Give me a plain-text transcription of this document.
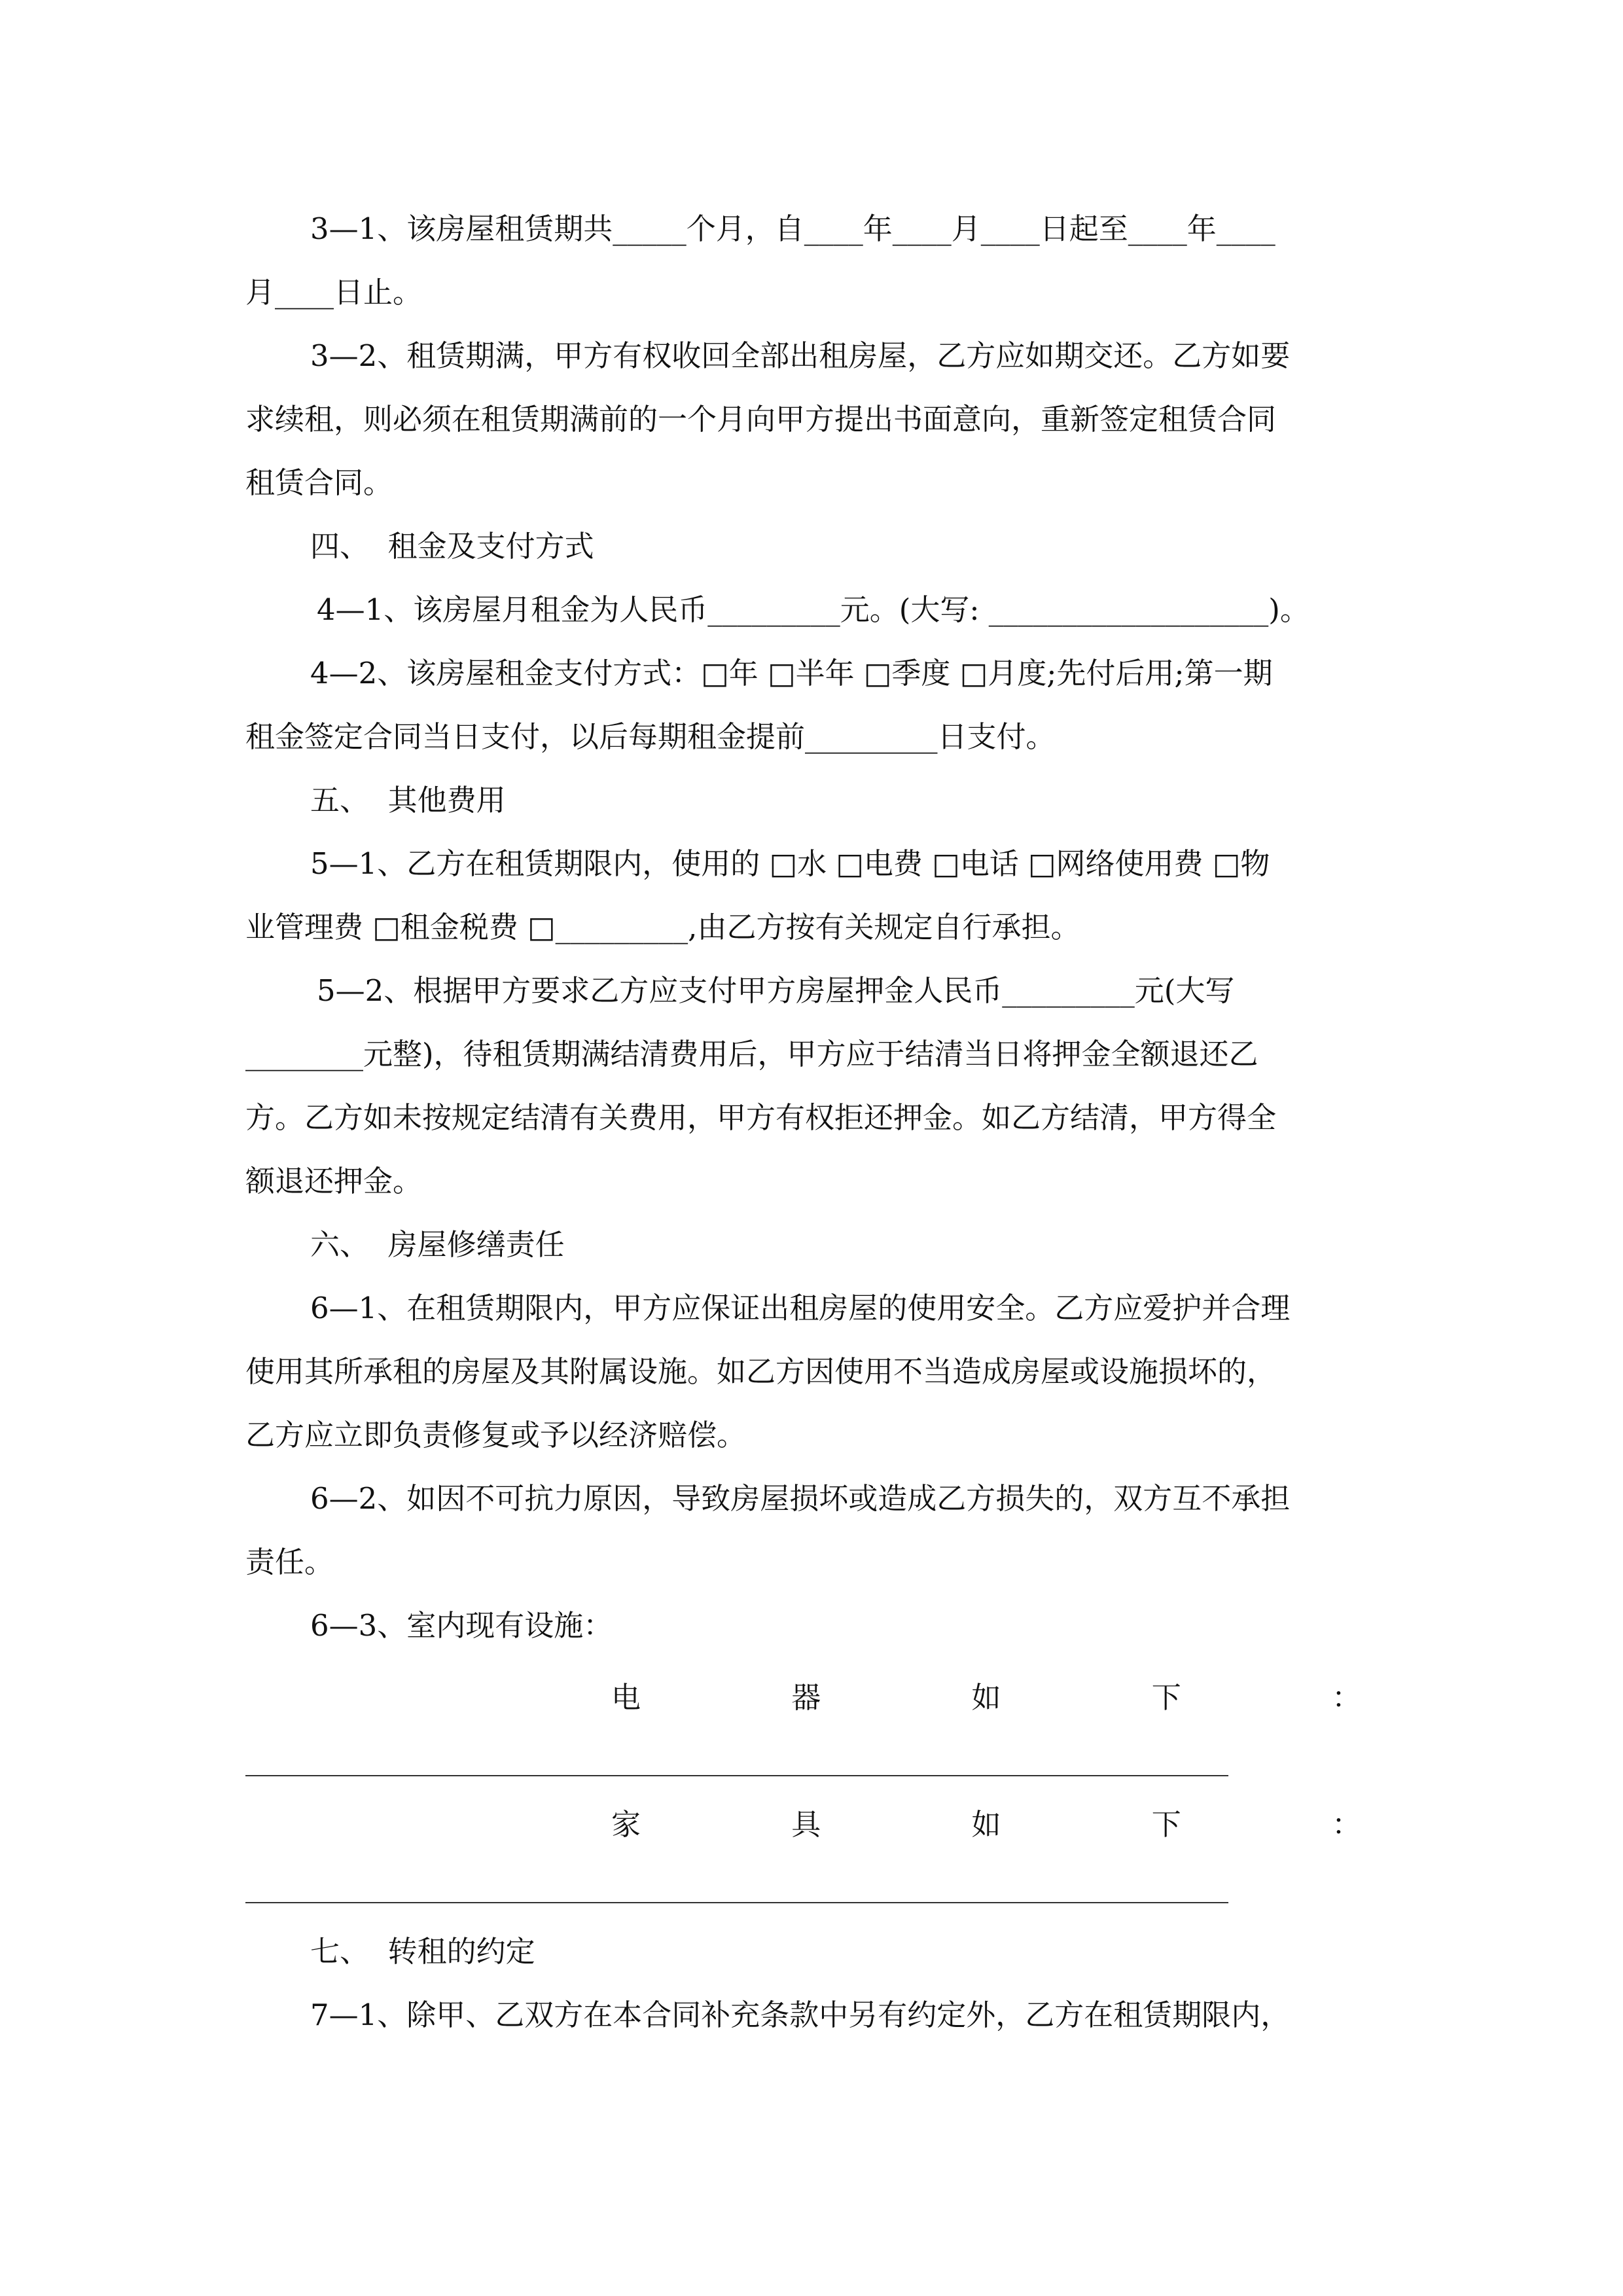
3—1、该房屋租赁期共_____个月，自____年____月____日起至____年____
月____日止。
3—2、租赁期满，甲方有权收回全部出租房屋，乙方应如期交还。乙方如要
求续租，则必须在租赁期满前的一个月向甲方提出书面意向，重新签定租赁合同
租赁合同。
四、  租金及支付方式
4—1、该房屋月租金为人民币_________元。(大写: ___________________)。
4—2、该房屋租金支付方式：□年 □半年 □季度 □月度;先付后用;第一期
租金签定合同当日支付，以后每期租金提前_________日支付。
五、  其他费用
5—1、乙方在租赁期限内，使用的 □水 □电费 □电话 □网络使用费 □物
业管理费 □租金税费 □_________,由乙方按有关规定自行承担。
5—2、根据甲方要求乙方应支付甲方房屋押金人民币_________元(大写
________元整)，待租赁期满结清费用后，甲方应于结清当日将押金全额退还乙
方。乙方如未按规定结清有关费用，甲方有权拒还押金。如乙方结清，甲方得全
额退还押金。
六、  房屋修缮责任
6—1、在租赁期限内，甲方应保证出租房屋的使用安全。乙方应爱护并合理
使用其所承租的房屋及其附属设施。如乙方因使用不当造成房屋或设施损坏的，
乙方应立即负责修复或予以经济赔偿。
6—2、如因不可抗力原因，导致房屋损坏或造成乙方损失的，双方互不承担
责任。
6—3、室内现有设施：
电	器	如	下	：
家	具	如	下	：
七、  转租的约定
7—1、除甲、乙双方在本合同补充条款中另有约定外，乙方在租赁期限内，
